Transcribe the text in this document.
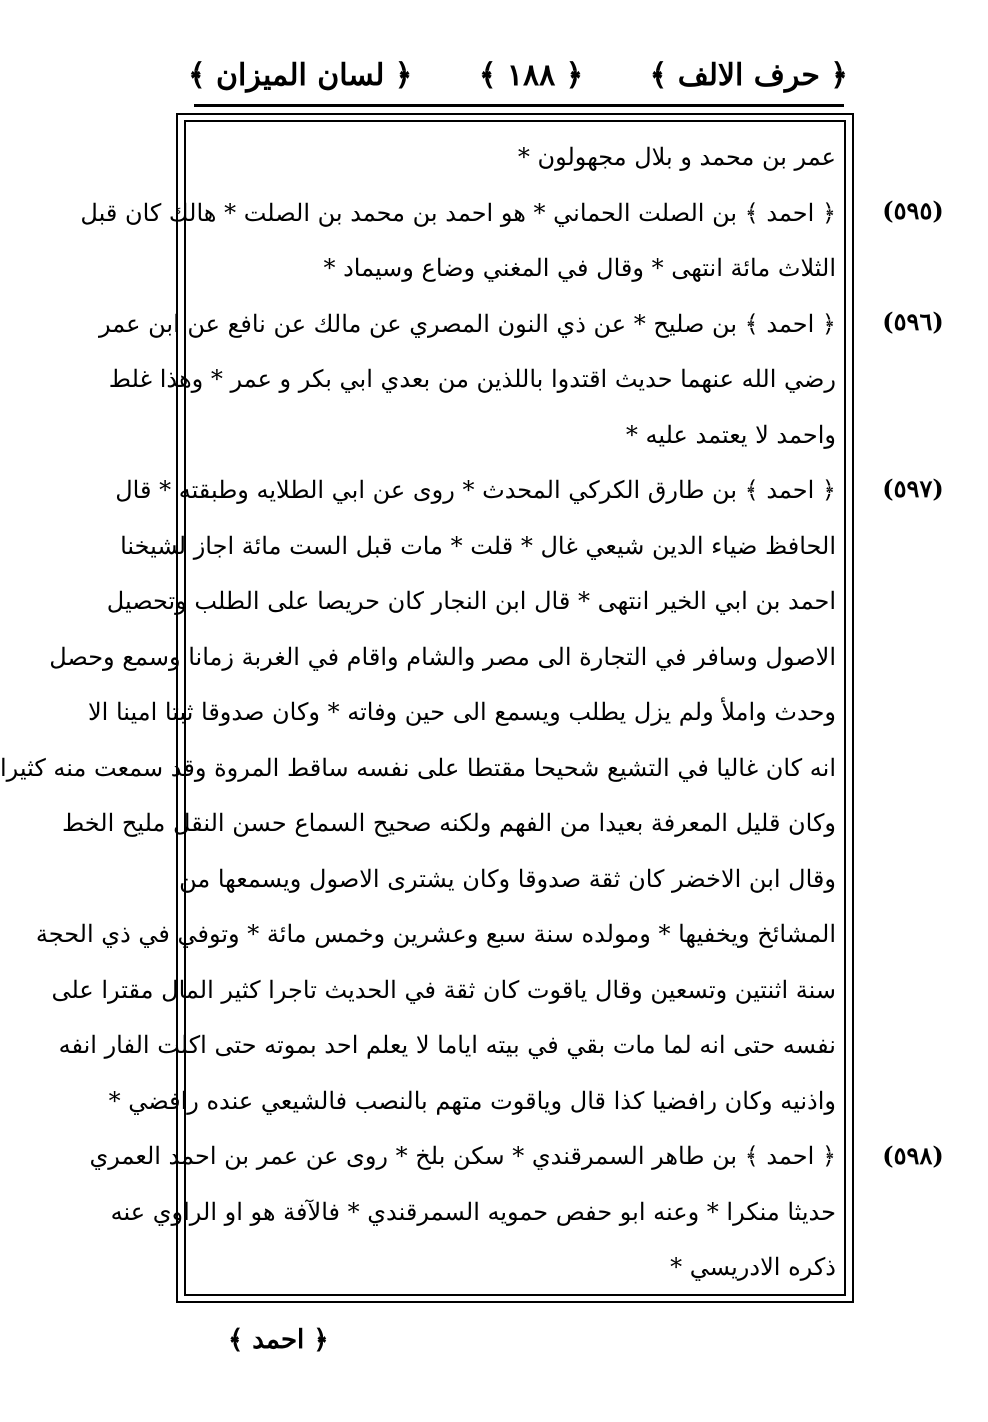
﴿ حرف الالف ﴾
﴿ ١٨٨ ﴾
﴿ لسان الميزان ﴾
عمر بن محمد و بلال مجهولون *
﴿ احمد ﴾ بن الصلت الحماني * هو احمد بن محمد بن الصلت * هالك كان قبل
الثلاث مائة انتهى * وقال في المغني وضاع وسيماد *
﴿ احمد ﴾ بن صليح * عن ذي النون المصري عن مالك عن نافع عن ابن عمر
رضي الله عنهما حديث اقتدوا باللذين من بعدي ابي بكر و عمر * وهذا غلط
واحمد لا يعتمد عليه *
﴿ احمد ﴾ بن طارق الكركي المحدث * روى عن ابي الطلايه وطبقته * قال
الحافظ ضياء الدين شيعي غال * قلت * مات قبل الست مائة اجاز لشيخنا
احمد بن ابي الخير انتهى * قال ابن النجار كان حريصا على الطلب وتحصيل
الاصول وسافر في التجارة الى مصر والشام واقام في الغربة زمانا وسمع وحصل
وحدث واملأ ولم يزل يطلب ويسمع الى حين وفاته * وكان صدوقا ثبتا امينا الا
انه كان غاليا في التشيع شحيحا مقتطا على نفسه ساقط المروة وقد سمعت منه كثيرا
وكان قليل المعرفة بعيدا من الفهم ولكنه صحيح السماع حسن النقل مليح الخط
وقال ابن الاخضر كان ثقة صدوقا وكان يشترى الاصول ويسمعها من
المشائخ ويخفيها * ومولده سنة سبع وعشرين وخمس مائة * وتوفي في ذي الحجة
سنة اثنتين وتسعين وقال ياقوت كان ثقة في الحديث تاجرا كثير المال مقترا على
نفسه حتى انه لما مات بقي في بيته اياما لا يعلم احد بموته حتى اكلت الفار انفه
واذنيه وكان رافضيا كذا قال وياقوت متهم بالنصب فالشيعي عنده رافضي *
﴿ احمد ﴾ بن طاهر السمرقندي * سكن بلخ * روى عن عمر بن احمد العمري
حديثا منكرا * وعنه ابو حفص حمويه السمرقندي * فالآفة هو او الراوي عنه
ذكره الادريسي *
(٥٩٥)
(٥٩٦)
(٥٩٧)
(٥٩٨)
﴿ احمد ﴾
